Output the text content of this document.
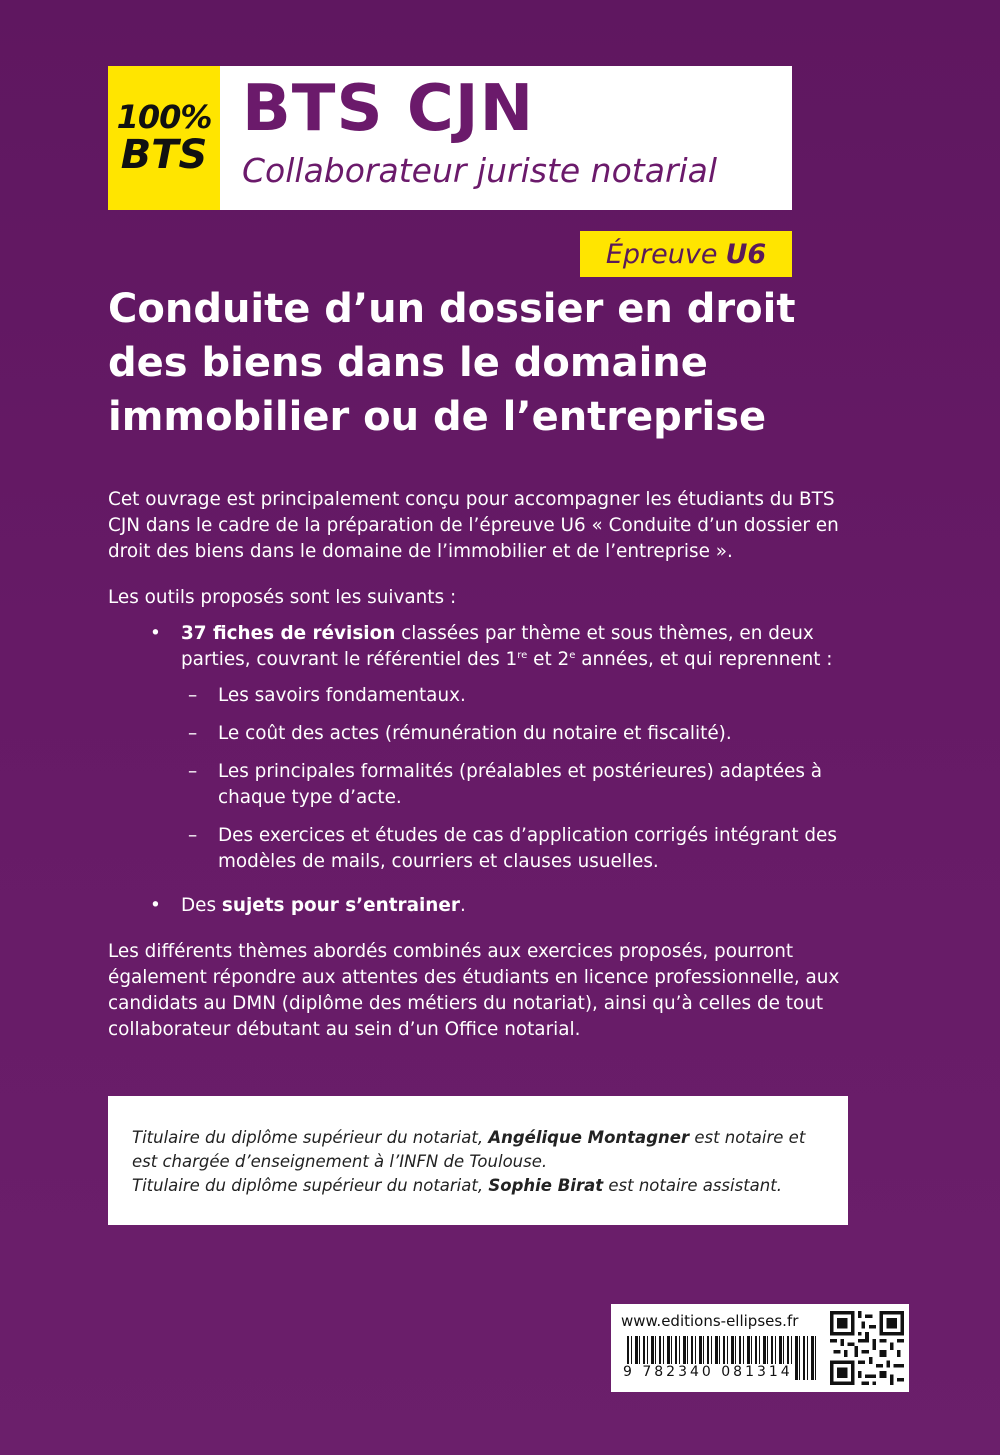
100%
BTS
BTS CJN
Collaborateur juriste notarial
Épreuve U6
Conduite d’un dossier en droit des biens dans le domaine immobilier ou de l’entreprise

Cet ouvrage est principalement conçu pour accompagner les étudiants du BTS CJN dans le cadre de la préparation de l’épreuve U6 « Conduite d’un dossier en droit des biens dans le domaine de l’immobilier et de l’entreprise ».

Les outils proposés sont les suivants :

• 37 fiches de révision classées par thème et sous thèmes, en deux parties, couvrant le référentiel des 1re et 2e années, et qui reprennent :
– Les savoirs fondamentaux.
– Le coût des actes (rémunération du notaire et fiscalité).
– Les principales formalités (préalables et postérieures) adaptées à chaque type d’acte.
– Des exercices et études de cas d’application corrigés intégrant des modèles de mails, courriers et clauses usuelles.
• Des sujets pour s’entrainer.

Les différents thèmes abordés combinés aux exercices proposés, pourront également répondre aux attentes des étudiants en licence professionnelle, aux candidats au DMN (diplôme des métiers du notariat), ainsi qu’à celles de tout collaborateur débutant au sein d’un Office notarial.

Titulaire du diplôme supérieur du notariat, Angélique Montagner est notaire et est chargée d’enseignement à l’INFN de Toulouse.

Titulaire du diplôme supérieur du notariat, Sophie Birat est notaire assistant.

www.editions-ellipses.fr
9 782340 081314
